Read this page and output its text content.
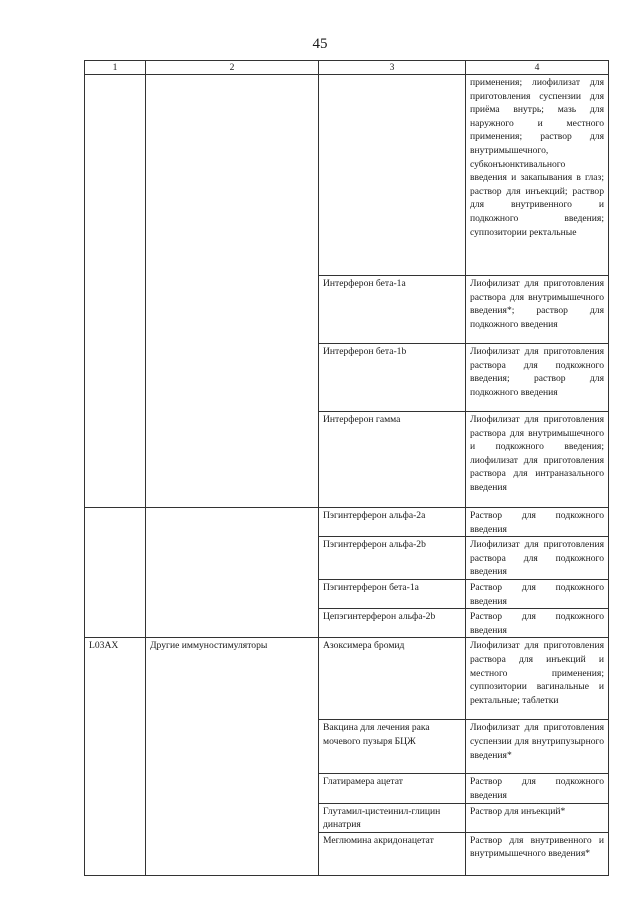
45
1	2	3	4
			применения; лиофилизат для приготовления суспензии для приёма внутрь; мазь для наружного и местного применения; раствор для внутримышечного, субконъюнктивального введения и закапывания в глаз; раствор для инъекций; раствор для внутривенного и подкожного введения; суппозитории ректальные
		Интерферон бета-1a	Лиофилизат для приготовления раствора для внутримышечного введения*; раствор для подкожного введения
		Интерферон бета-1b	Лиофилизат для приготовления раствора для подкожного введения; раствор для подкожного введения
		Интерферон гамма	Лиофилизат для приготовления раствора для внутримышечного и подкожного введения; лиофилизат для приготовления раствора для интраназального введения
		Пэгинтерферон альфа-2a	Раствор для подкожного введения
		Пэгинтерферон альфа-2b	Лиофилизат для приготовления раствора для подкожного введения
		Пэгинтерферон бета-1a	Раствор для подкожного введения
		Цепэгинтерферон альфа-2b	Раствор для подкожного введения
L03AX	Другие иммуностимуляторы	Азоксимера бромид	Лиофилизат для приготовления раствора для инъекций и местного применения; суппозитории вагинальные и ректальные; таблетки
		Вакцина для лечения рака мочевого пузыря БЦЖ	Лиофилизат для приготовления суспензии для внутрипузырного введения*
		Глатирамера ацетат	Раствор для подкожного введения
		Глутамил-цистеинил-глицин динатрия	Раствор для инъекций*
		Меглюмина акридонацетат	Раствор для внутривенного и внутримышечного введения*
